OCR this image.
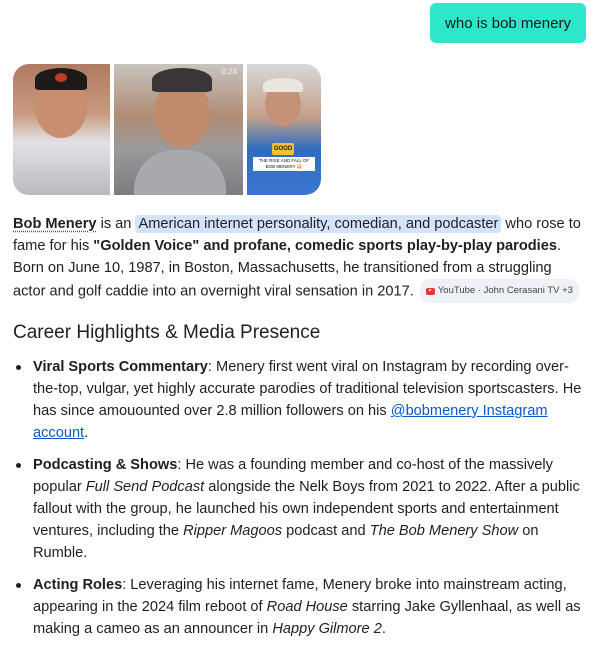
who is bob menery
0:24
GOOD
THE RISE AND FALL OF BOB MENERY 😳
Bob Menery is an American internet personality, comedian, and podcaster who rose to fame for his "Golden Voice" and profane, comedic sports play-by-play parodies. Born on June 10, 1987, in Boston, Massachusetts, he transitioned from a struggling actor and golf caddie into an overnight viral sensation in 2017.	YouTube · John Cerasani TV +3
Career Highlights & Media Presence
Viral Sports Commentary: Menery first went viral on Instagram by recording over-the-top, vulgar, yet highly accurate parodies of traditional television sportscasters. He has since amouounted over 2.8 million followers on his @bobmenery Instagram account.
Podcasting & Shows: He was a founding member and co-host of the massively popular Full Send Podcast alongside the Nelk Boys from 2021 to 2022. After a public fallout with the group, he launched his own independent sports and entertainment ventures, including the Ripper Magoos podcast and The Bob Menery Show on Rumble.
Acting Roles: Leveraging his internet fame, Menery broke into mainstream acting, appearing in the 2024 film reboot of Road House starring Jake Gyllenhaal, as well as making a cameo as an announcer in Happy Gilmore 2.
